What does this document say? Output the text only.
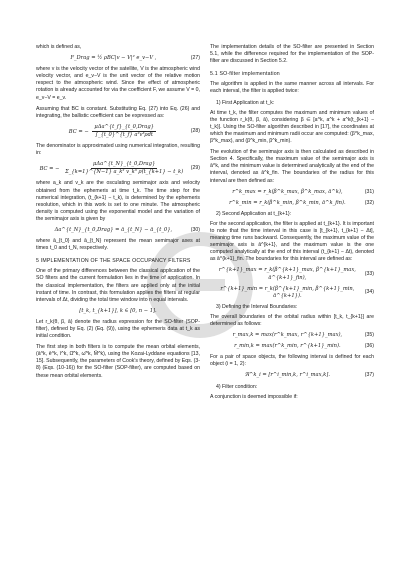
which is defined as,

F_Drag = ½ ρBC|v − V|² e_v−V ,	(27)

where v is the velocity vector of the satellite, V is the atmospheric wind velocity vector, and e_v−V is the unit vector of the relative motion respect to the atmospheric wind. Since the effect of atmospheric rotation is already accounted for via the coefficient F, we assume V = 0, e_v−V = e_v.

Assuming that BC is constant. Substituting Eq. (27) into Eq. (26) and integrating, the ballistic coefficient can be expressed as:

BC = − $\frac{\text{μΔa\textasciicircum{}\{t\_f\}\_\{t\_0,Drag\}}}{\text{∫\_\{t\_0\}\textasciicircum{}\{t\_f\} a²v³ρdt}}$	(28)

The denominator is approximated using numerical integration, resulting in:

BC = − $\frac{\text{μΔa\textasciicircum{}\{t\_N\}\_\{t\_0,Drag\}}}{\text{Σ\_\{k=1\}\textasciicircum{}\{N−1\} a\_k² v\_k³ ρ(t\_\{k+1\} − t\_k)}} (29)$

where a_k and v_k are the osculating semimajor axis and velocity obtained from the ephemeris at time t_k. The time step for the numerical integration, (t_{k+1} − t_k), is determined by the ephemeris resolution, which in this work is set to one minute. The atmospheric density is computed using the exponential model and the variation of the semimajor axis is given by

Δa^{t_N}_{t_0,Drag} = ā_{t_N} − ā_{t_0},	(30)

where ā_{t_0} and ā_{t_N} represent the mean semimajor axes at times t_0 and t_N, respectively.

5 IMPLEMENTATION OF THE SPACE OCCUPANCY FILTERS

One of the primary differences between the classical application of the SO filters and the current formulation lies in the time of application. In the classical implementation, the filters are applied only at the initial instant of time. In contrast, this formulation applies the filters at regular intervals of Δt, dividing the total time window into n equal intervals.

[t_k, t_{k+1}], k ∈ [0, n − 1].

Let r_k(θ, β, ā) denote the radius expression for the SO-filter (SOP-filter), defined by Eq. (2) (Eq. (9)), using the ephemeris data at t_k as initial condition.

The first step in both filters is to compute the mean orbital elements, (ā^k, ē^k, ī^k, Ω̄^k, ω̄^k, M̄^k), using the Kozai-Lyddane equations [13, 15]. Subsequently, the parameters of Cook's theory, defined by Eqs. (3-8) (Eqs. (10-16)) for the SO-filter (SOP-filter), are computed based on these mean orbital elements.

The implementation details of the SO-filter are presented in Section 5.1, while the difference required for the implementation of the SOP-filter are discussed in Section 5.2.

5.1 SO-filter implementation

The algorithm is applied in the same manner across all intervals. For each interval, the filter is applied twice:

1) First Application at t_k:

At time t_k, the filter computes the maximum and minimum values of the function r_k(θ, β, ā), considering β ∈ [a^k, a^k + a^k(t_{k+1} − t_k)]. Using the SO-filter algorithm described in [17], the coordinates at which the maximum and minimum radii occur are computed: (β^k_max, β^k_max), and (β^k_min, β^k_min).

The evolution of the semimajor axis is then calculated as described in Section 4. Specifically, the maximum value of the semimajor axis is ā^k, and the minimum value is determined analytically at the end of the interval, denoted as ā^k_fin. The boundaries of the radius for this interval are then defined as:

r^k_max = r_k(β^k_max, β^k_max, ā^k),	(31)
r^k_min = r_k(β^k_min, β^k_min, ā^k_fin).	(32)
2) Second Application at t_{k+1}:

For the second application, the filter is applied at t_{k+1}. It is important to note that the time interval in this case is [t_{k+1}, t_{k+1} − Δt], meaning time runs backward. Consequently, the maximum value of the semimajor axis is ā^{k+1}, and the maximum value is the one computed analytically at the end of this interval (t_{k+1} − Δt), denoted as ā^{k+1}_fin. The boundaries for this interval are defined as:

r^{k+1}_max = r_k(β^{k+1}_max, β^{k+1}_max, ā^{k+1}_fin),
(33)
r^{k+1}_min = r_k(β^{k+1}_min, β^{k+1}_min, ā^{k+1}).
(34)
3) Defining the Interval Boundaries:

The overall boundaries of the orbital radius within [t_k, t_{k+1}] are determined as follows:

r_max,k = max(r^k_max, r^{k+1}_max),	(35)
r_min,k = max(r^k_min, r^{k+1}_min).	(36)

For a pair of space objects, the following interval is defined for each object (i = 1, 2):

ℜ^k_i = [r^i_min,k, r^i_max,k].	(37)
4) Filter condition:

A conjunction is deemed impossible if:
